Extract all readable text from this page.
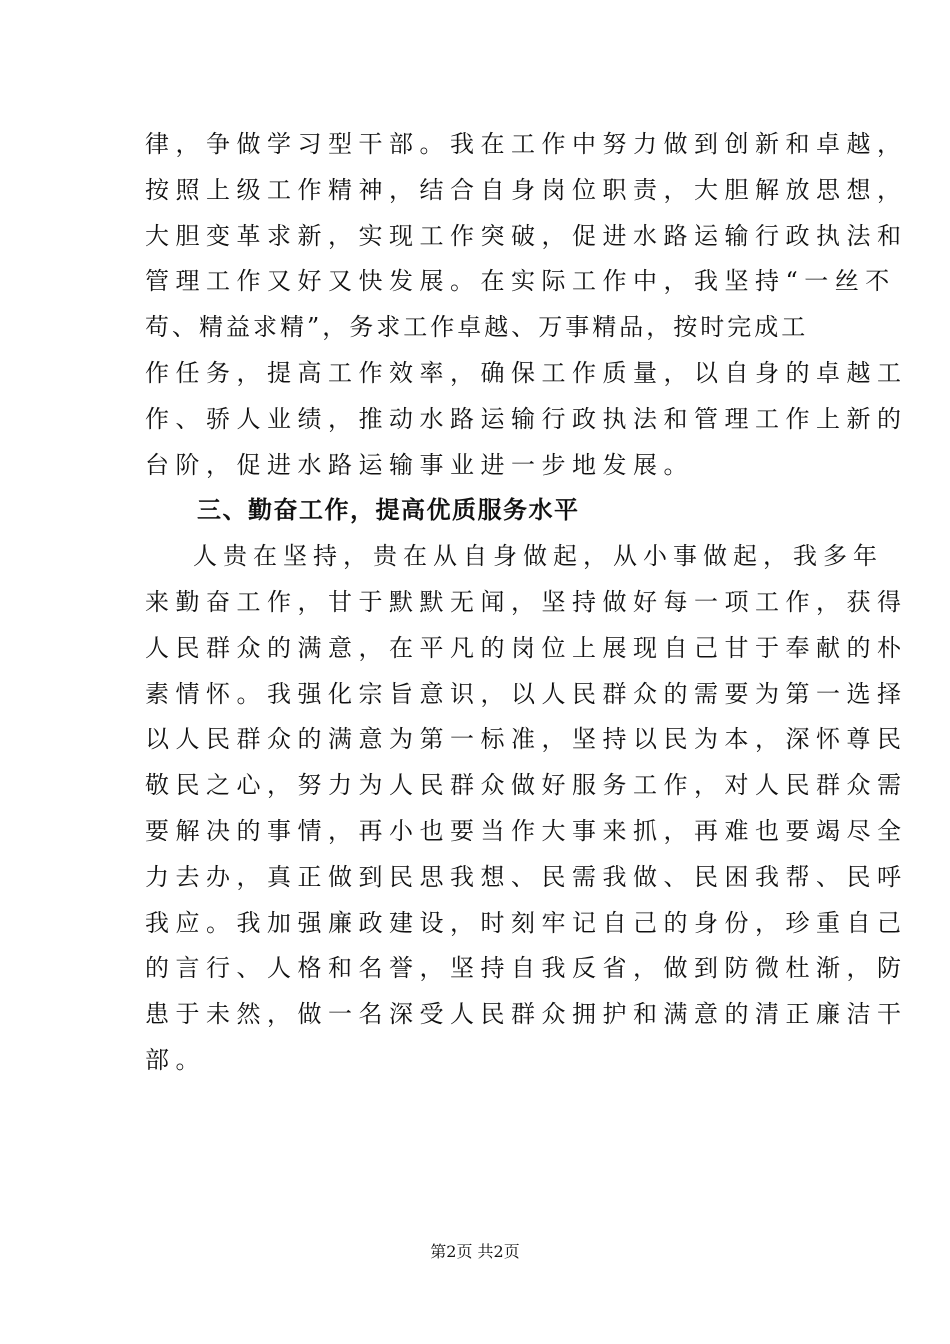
律，争做学习型干部。我在工作中努力做到创新和卓越，
按照上级工作精神，结合自身岗位职责，大胆解放思想，
大胆变革求新，实现工作突破，促进水路运输行政执法和
管理工作又好又快发展。在实际工作中，我坚持“一丝不
苟、精益求精”，务求工作卓越、万事精品，按时完成工
作任务，提高工作效率，确保工作质量，以自身的卓越工
作、骄人业绩，推动水路运输行政执法和管理工作上新的
台阶，促进水路运输事业进一步地发展。
三、勤奋工作，提高优质服务水平
人贵在坚持，贵在从自身做起，从小事做起，我多年
来勤奋工作，甘于默默无闻，坚持做好每一项工作，获得
人民群众的满意，在平凡的岗位上展现自己甘于奉献的朴
素情怀。我强化宗旨意识，以人民群众的需要为第一选择
以人民群众的满意为第一标准，坚持以民为本，深怀尊民
敬民之心，努力为人民群众做好服务工作，对人民群众需
要解决的事情，再小也要当作大事来抓，再难也要竭尽全
力去办，真正做到民思我想、民需我做、民困我帮、民呼
我应。我加强廉政建设，时刻牢记自己的身份，珍重自己
的言行、人格和名誉，坚持自我反省，做到防微杜渐，防
患于未然，做一名深受人民群众拥护和满意的清正廉洁干
部。
第2页 共2页
